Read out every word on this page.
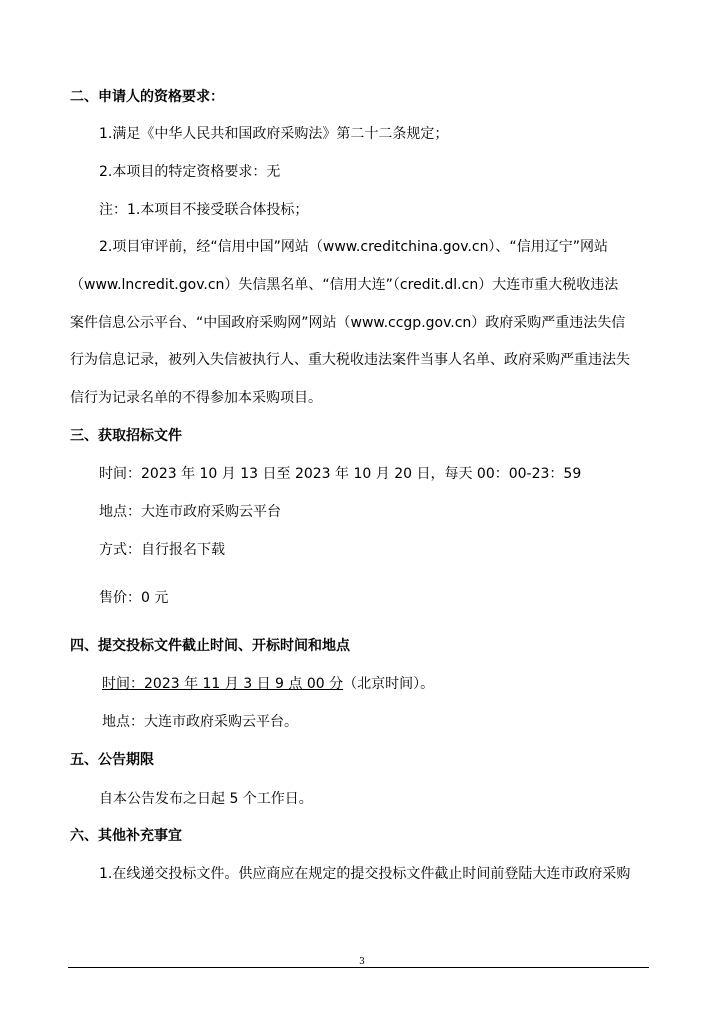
二、申请人的资格要求：
1.满足《中华人民共和国政府采购法》第二十二条规定；
2.本项目的特定资格要求：无
注：1.本项目不接受联合体投标；
2.项目审评前，经“信用中国”网站（www.creditchina.gov.cn）、“信用辽宁”网站
（www.lncredit.gov.cn）失信黑名单、“信用大连”（credit.dl.cn）大连市重大税收违法
案件信息公示平台、“中国政府采购网”网站（www.ccgp.gov.cn）政府采购严重违法失信
行为信息记录，被列入失信被执行人、重大税收违法案件当事人名单、政府采购严重违法失
信行为记录名单的不得参加本采购项目。
三、获取招标文件
时间：2023 年 10 月 13 日至 2023 年 10 月 20 日，每天 00：00-23：59
地点：大连市政府采购云平台
方式：自行报名下载
售价：0 元
四、提交投标文件截止时间、开标时间和地点
时间：2023 年 11 月 3 日 9 点 00 分（北京时间）。
地点：大连市政府采购云平台。
五、公告期限
自本公告发布之日起 5 个工作日。
六、其他补充事宜
1.在线递交投标文件。供应商应在规定的提交投标文件截止时间前登陆大连市政府采购
3
